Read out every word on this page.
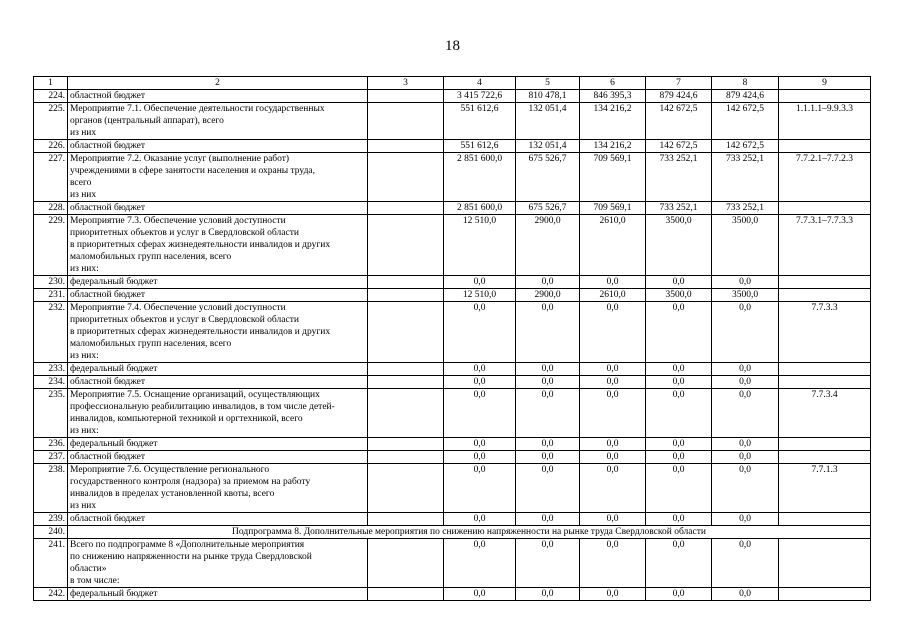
18
1	2	3	4	5	6	7	8	9
224.	областной бюджет		3 415 722,6	810 478,1	846 395,3	879 424,6	879 424,6	
225.	Мероприятие 7.1. Обеспечение деятельности государственных
органов (центральный аппарат), всего
из них		551 612,6	132 051,4	134 216,2	142 672,5	142 672,5	1.1.1.1–9.9.3.3
226.	областной бюджет		551 612,6	132 051,4	134 216,2	142 672,5	142 672,5	
227.	Мероприятие 7.2. Оказание услуг (выполнение работ)
учреждениями в сфере занятости населения и охраны труда,
всего
из них		2 851 600,0	675 526,7	709 569,1	733 252,1	733 252,1	7.7.2.1–7.7.2.3
228.	областной бюджет		2 851 600,0	675 526,7	709 569,1	733 252,1	733 252,1	
229.	Мероприятие 7.3. Обеспечение условий доступности
приоритетных объектов и услуг в Свердловской области
в приоритетных сферах жизнедеятельности инвалидов и других
маломобильных групп населения, всего
из них:		12 510,0	2900,0	2610,0	3500,0	3500,0	7.7.3.1–7.7.3.3
230.	федеральный бюджет		0,0	0,0	0,0	0,0	0,0	
231.	областной бюджет		12 510,0	2900,0	2610,0	3500,0	3500,0	
232.	Мероприятие 7.4. Обеспечение условий доступности
приоритетных объектов и услуг в Свердловской области
в приоритетных сферах жизнедеятельности инвалидов и других
маломобильных групп населения, всего
из них:		0,0	0,0	0,0	0,0	0,0	7.7.3.3
233.	федеральный бюджет		0,0	0,0	0,0	0,0	0,0	
234.	областной бюджет		0,0	0,0	0,0	0,0	0,0	
235.	Мероприятие 7.5. Оснащение организаций, осуществляющих
профессиональную реабилитацию инвалидов, в том числе детей-
инвалидов, компьютерной техникой и оргтехникой, всего
из них:		0,0	0,0	0,0	0,0	0,0	7.7.3.4
236.	федеральный бюджет		0,0	0,0	0,0	0,0	0,0	
237.	областной бюджет		0,0	0,0	0,0	0,0	0,0	
238.	Мероприятие 7.6. Осуществление регионального
государственного контроля (надзора) за приемом на работу
инвалидов в пределах установленной квоты, всего
из них		0,0	0,0	0,0	0,0	0,0	7.7.1.3
239.	областной бюджет		0,0	0,0	0,0	0,0	0,0	
240.	Подпрограмма 8. Дополнительные мероприятия по снижению напряженности на рынке труда Свердловской области							
241.	Всего по подпрограмме 8 «Дополнительные мероприятия
по снижению напряженности на рынке труда Свердловской
области»
в том числе:		0,0	0,0	0,0	0,0	0,0	
242.	федеральный бюджет		0,0	0,0	0,0	0,0	0,0	
